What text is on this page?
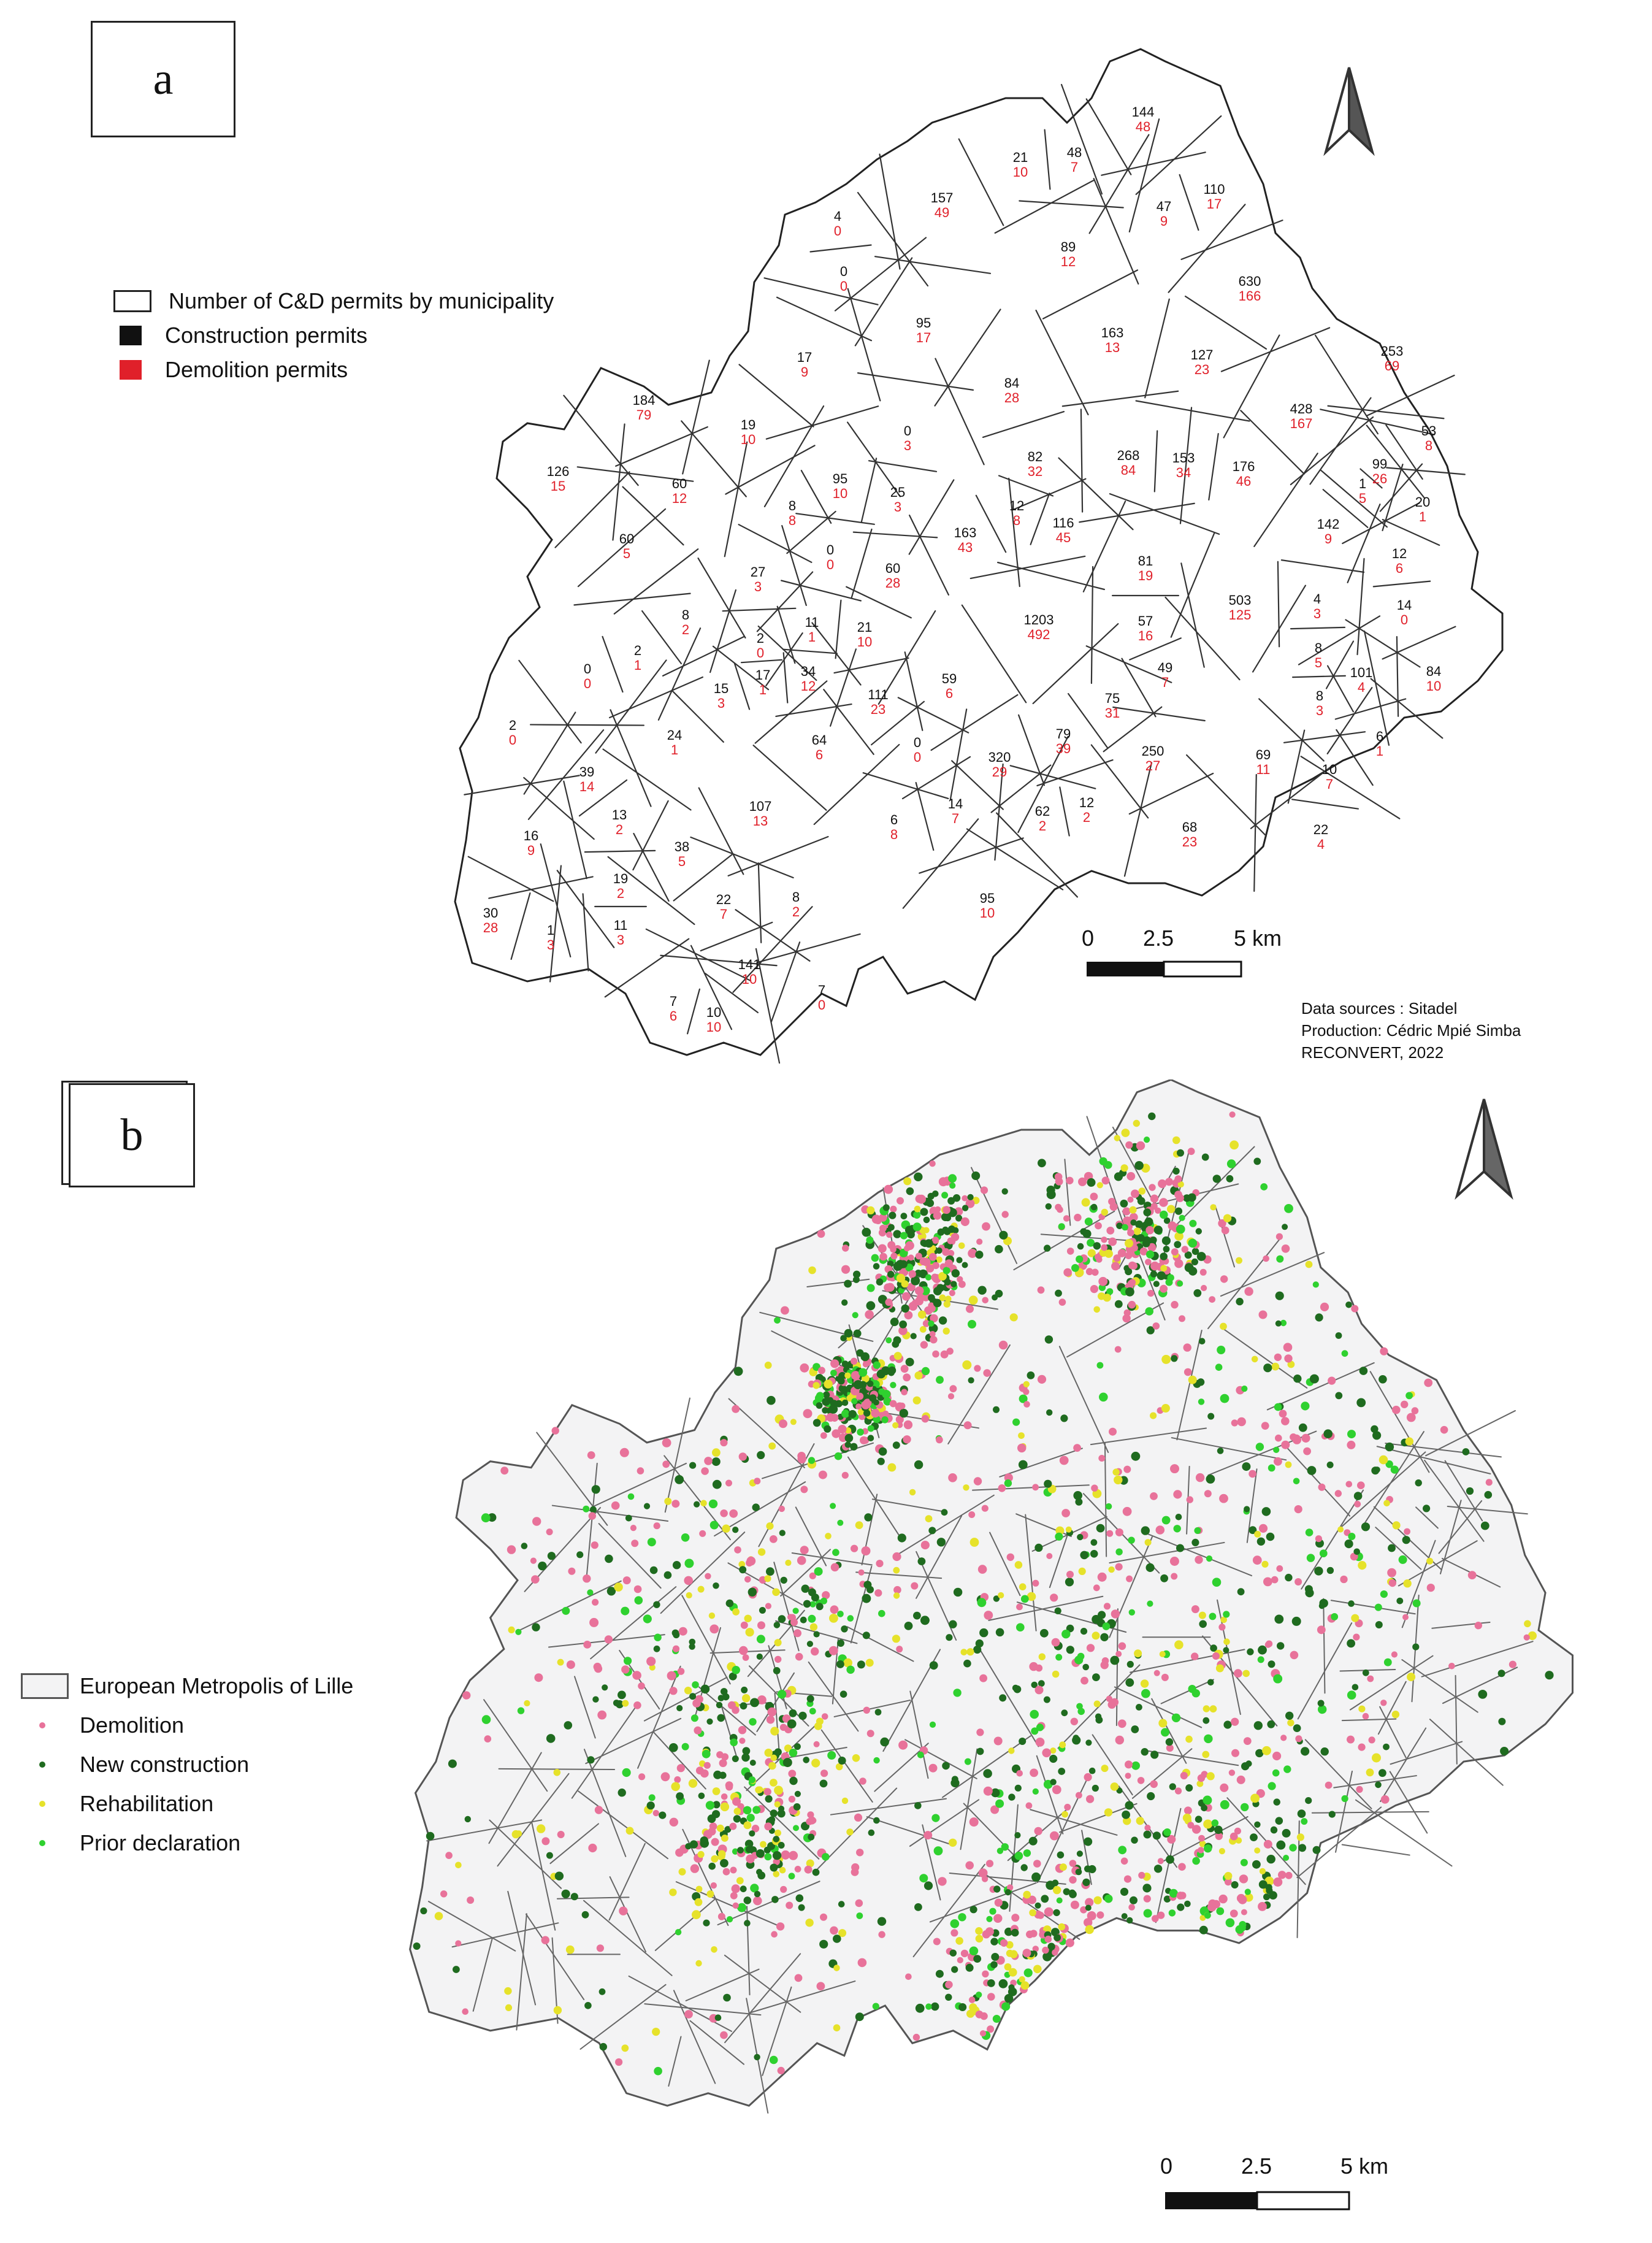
a
144
48
21
10
48
7
157
49
4
0
110
17
47
9
89
12
0
0	630
166
95
17	163
13	127
23
253
69
17
9
184
79
84
28
428
167
19
10
0
3
53
8
126
15	60
12
95
10
82
32
268
84
153
34	176
46
99
26
1
5
25
3
8
8
12
8
163
43
116
45
20
1
60
5
142
9
0
0
27
3
60
28
81
19
12
6
503
125
8
2
4
3
14
0
1203
492
2
1
11
1
21
10
2
0
57
16
0
0
17
1
34
12	59
6
49
7
8
5
101
4
84
10
15
3
111
23
75
31
2
0	24
1
8
3
64
6
0
0
79
39
6
1
320
29
250
27
69
11
39
14
10
7
107
13
13
2
6
8
14
7	62
2
12
2
68
23
16
9
22
4
38
5
19
2	22
7
8
2
95
10
30
28	1
3
11
3
141
10
7
6 10
10
7
0
0 2.5	5 km
Number of C&D permits by municipality
Construction permits
Demolition permits
Data sources : Sitadel
Production: Cédric Mpié Simba
RECONVERT, 2022
b
0	2.5	5 km
European Metropolis of Lille
Demolition
New construction
Rehabilitation
Prior declaration
